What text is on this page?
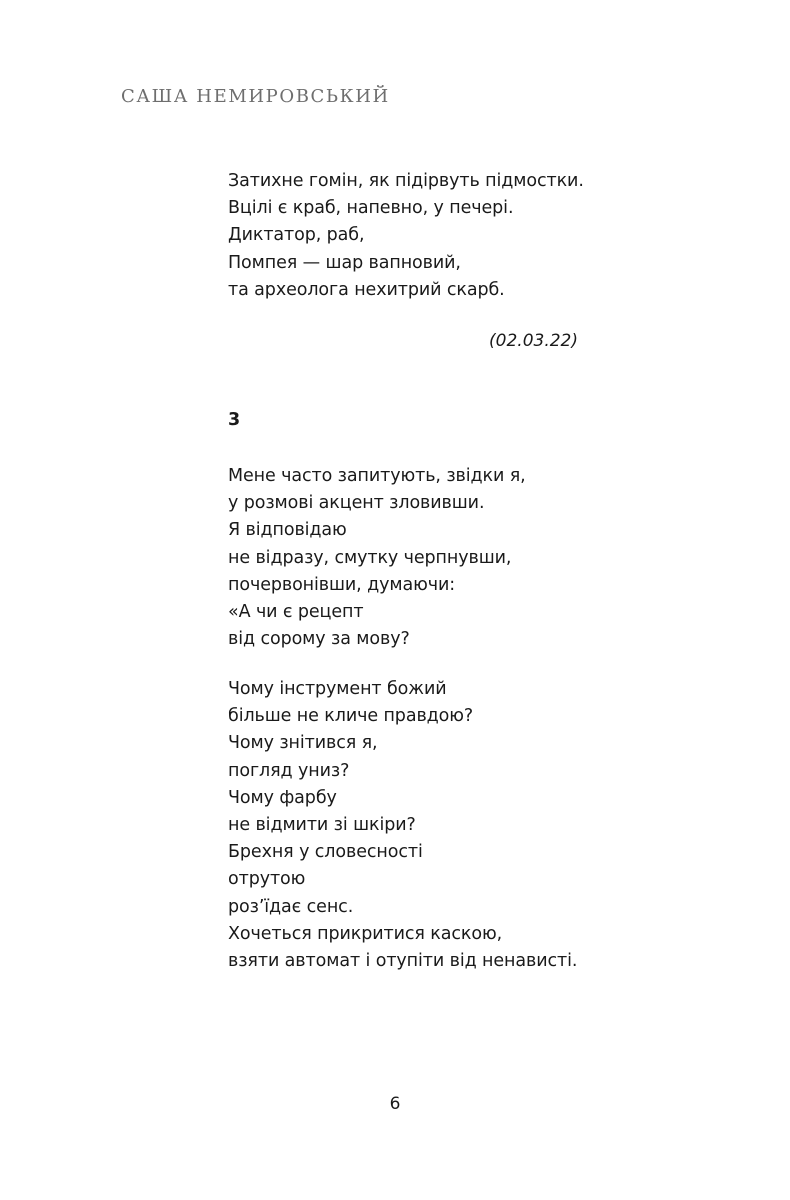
САША НЕМИРОВСЬКИЙ
Затихне гомін, як підірвуть підмостки.
Вцілі є краб, напевно, у печері.
Диктатор, раб,
Помпея — шар вапновий,
та археолога нехитрий скарб.
(02.03.22)
3
Мене часто запитують, звідки я,
у розмові акцент зловивши.
Я відповідаю
не відразу, смутку черпнувши,
почервонівши, думаючи:
«А чи є рецепт
від сорому за мову?
Чому інструмент божий
більше не кличе правдою?
Чому знітився я,
погляд униз?
Чому фарбу
не відмити зі шкіри?
Брехня у словесності
отрутою
роз’їдає сенс.
Хочеться прикритися каскою,
взяти автомат і отупіти від ненависті.
6
